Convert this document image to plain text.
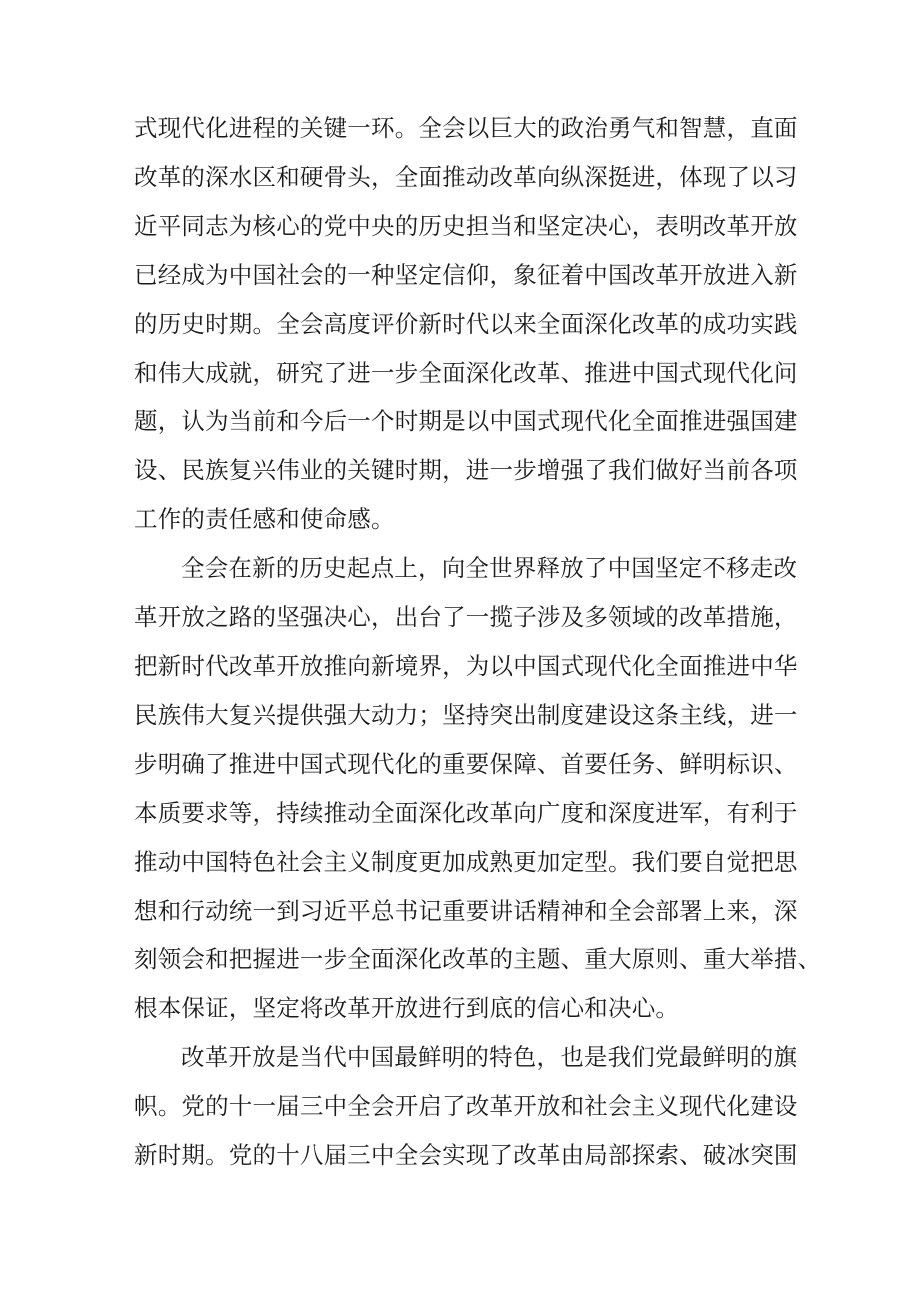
式现代化进程的关键一环。全会以巨大的政治勇气和智慧，直面
改革的深水区和硬骨头，全面推动改革向纵深挺进，体现了以习
近平同志为核心的党中央的历史担当和坚定决心，表明改革开放
已经成为中国社会的一种坚定信仰，象征着中国改革开放进入新
的历史时期。全会高度评价新时代以来全面深化改革的成功实践
和伟大成就，研究了进一步全面深化改革、推进中国式现代化问
题，认为当前和今后一个时期是以中国式现代化全面推进强国建
设、民族复兴伟业的关键时期，进一步增强了我们做好当前各项
工作的责任感和使命感。
全会在新的历史起点上，向全世界释放了中国坚定不移走改
革开放之路的坚强决心，出台了一揽子涉及多领域的改革措施，
把新时代改革开放推向新境界，为以中国式现代化全面推进中华
民族伟大复兴提供强大动力；坚持突出制度建设这条主线，进一
步明确了推进中国式现代化的重要保障、首要任务、鲜明标识、
本质要求等，持续推动全面深化改革向广度和深度进军，有利于
推动中国特色社会主义制度更加成熟更加定型。我们要自觉把思
想和行动统一到习近平总书记重要讲话精神和全会部署上来，深
刻领会和把握进一步全面深化改革的主题、重大原则、重大举措、
根本保证，坚定将改革开放进行到底的信心和决心。
改革开放是当代中国最鲜明的特色，也是我们党最鲜明的旗
帜。党的十一届三中全会开启了改革开放和社会主义现代化建设
新时期。党的十八届三中全会实现了改革由局部探索、破冰突围
